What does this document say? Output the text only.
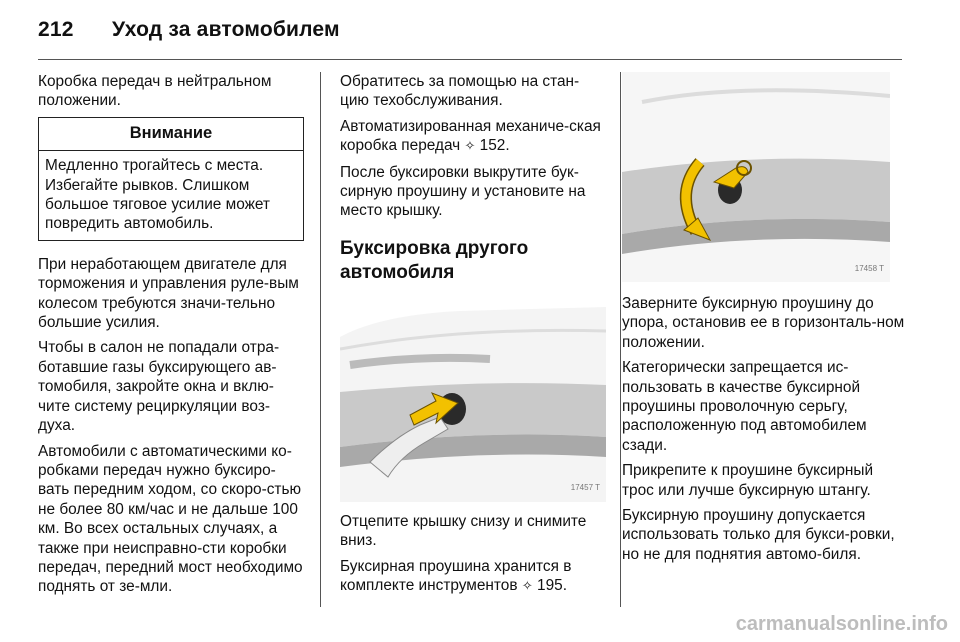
212 Уход за автомобилем

Коробка передач в нейтральном положении.

Внимание
Медленно трогайтесь с места. Избегайте рывков. Слишком большое тяговое усилие может повредить автомобиль.

При неработающем двигателе для торможения и управления руле-вым колесом требуются значи-тельно большие усилия.

Чтобы в салон не попадали отра-ботавшие газы буксирующего ав-томобиля, закройте окна и вклю-чите систему рециркуляции воз-духа.

Автомобили с автоматическими ко-робками передач нужно буксиро-вать передним ходом, со скоро-стью не более 80 км/час и не дальше 100 км. Во всех остальных случаях, а также при неисправно-сти коробки передач, передний мост необходимо поднять от зе-мли.

Обратитесь за помощью на стан-цию техобслуживания.

Автоматизированная механиче-ская коробка передач ✧ 152.

После буксировки выкрутите бук-сирную проушину и установите на место крышку.

Буксировка другого автомобиля
17457 T

Отцепите крышку снизу и снимите вниз.

Буксирная проушина хранится в комплекте инструментов ✧ 195.

17458 T

Заверните буксирную проушину до упора, остановив ее в горизонталь-ном положении.

Категорически запрещается ис-пользовать в качестве буксирной проушины проволочную серьгу, расположенную под автомобилем сзади.

Прикрепите к проушине буксирный трос или лучше буксирную штангу.

Буксирную проушину допускается использовать только для букси-ровки, но не для поднятия автомо-биля.

carmanualsonline.info
